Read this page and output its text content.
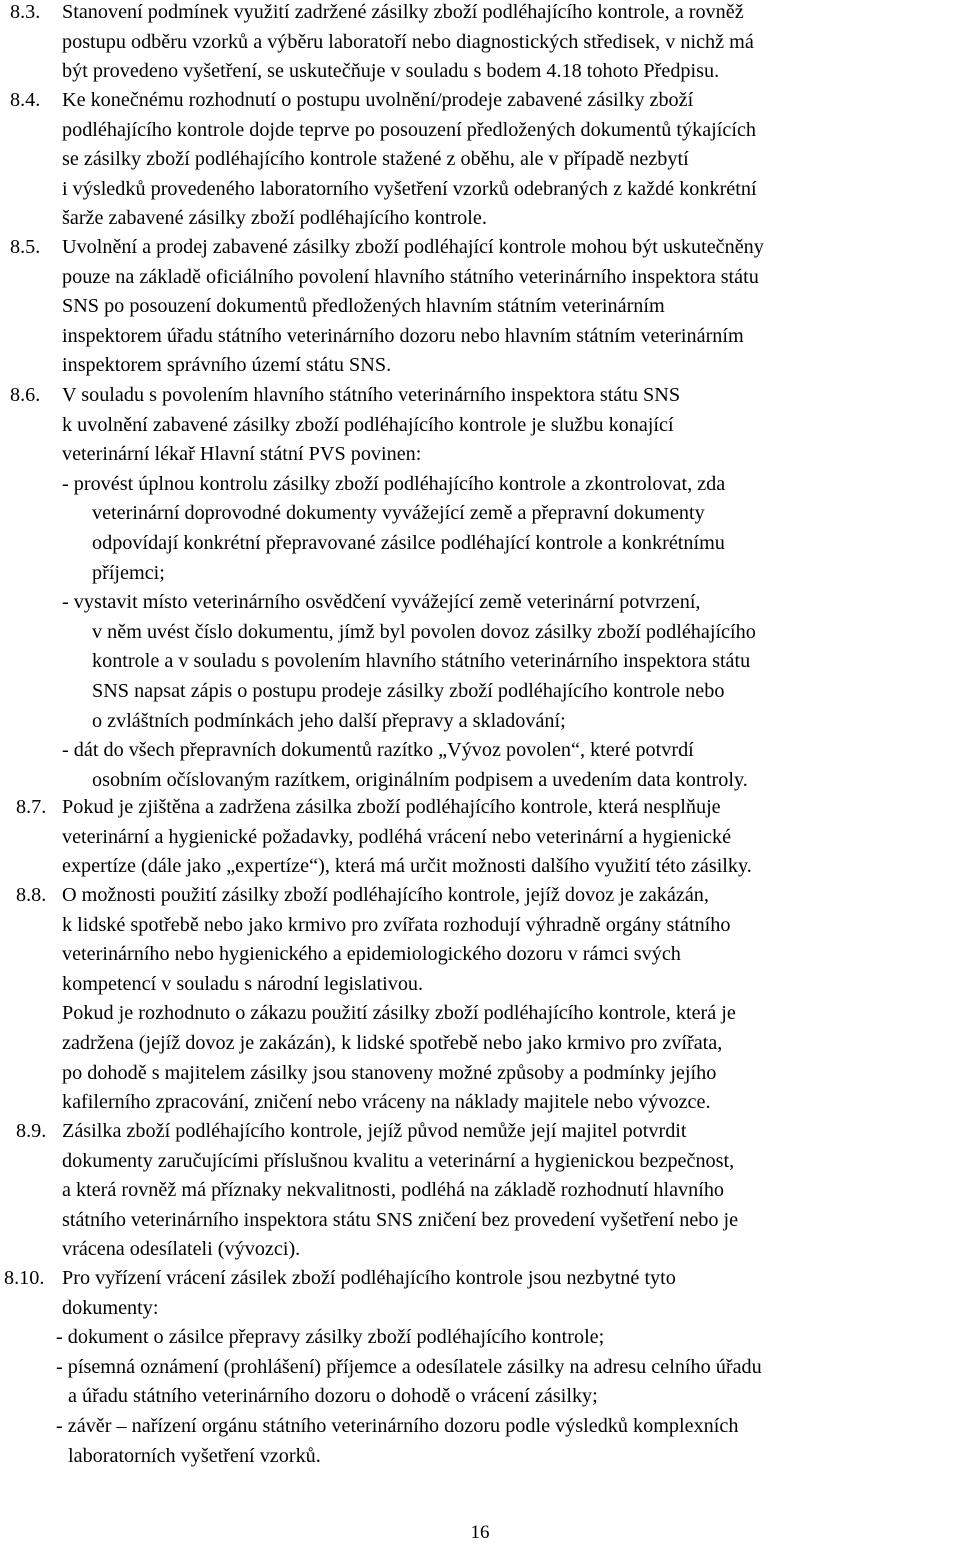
8.3. Stanovení podmínek využití zadržené zásilky zboží podléhajícího kontrole, a rovněž
postupu odběru vzorků a výběru laboratoří nebo diagnostických středisek, v nichž má
být provedeno vyšetření, se uskutečňuje v souladu s bodem 4.18 tohoto Předpisu.
8.4. Ke konečnému rozhodnutí o postupu uvolnění/prodeje zabavené zásilky zboží
podléhajícího kontrole dojde teprve po posouzení předložených dokumentů týkajících
se zásilky zboží podléhajícího kontrole stažené z oběhu, ale v případě nezbytí
i výsledků provedeného laboratorního vyšetření vzorků odebraných z každé konkrétní
šarže zabavené zásilky zboží podléhajícího kontrole.
8.5. Uvolnění a prodej zabavené zásilky zboží podléhající kontrole mohou být uskutečněny
pouze na základě oficiálního povolení hlavního státního veterinárního inspektora státu
SNS po posouzení dokumentů předložených hlavním státním veterinárním
inspektorem úřadu státního veterinárního dozoru nebo hlavním státním veterinárním
inspektorem správního území státu SNS.
8.6. V souladu s povolením hlavního státního veterinárního inspektora státu SNS
k uvolnění zabavené zásilky zboží podléhajícího kontrole je službu konající
veterinární lékař Hlavní státní PVS povinen:
- provést úplnou kontrolu zásilky zboží podléhajícího kontrole a zkontrolovat, zda
veterinární doprovodné dokumenty vyvážející země a přepravní dokumenty
odpovídají konkrétní přepravované zásilce podléhající kontrole a konkrétnímu
příjemci;
- vystavit místo veterinárního osvědčení vyvážející země veterinární potvrzení,
v něm uvést číslo dokumentu, jímž byl povolen dovoz zásilky zboží podléhajícího
kontrole a v souladu s povolením hlavního státního veterinárního inspektora státu
SNS napsat zápis o postupu prodeje zásilky zboží podléhajícího kontrole nebo
o zvláštních podmínkách jeho další přepravy a skladování;
- dát do všech přepravních dokumentů razítko „Vývoz povolen“, které potvrdí
osobním očíslovaným razítkem, originálním podpisem a uvedením data kontroly.
8.7. Pokud je zjištěna a zadržena zásilka zboží podléhajícího kontrole, která nesplňuje
veterinární a hygienické požadavky, podléhá vrácení nebo veterinární a hygienické
expertíze (dále jako „expertíze“), která má určit možnosti dalšího využití této zásilky.
8.8. O možnosti použití zásilky zboží podléhajícího kontrole, jejíž dovoz je zakázán,
k lidské spotřebě nebo jako krmivo pro zvířata rozhodují výhradně orgány státního
veterinárního nebo hygienického a epidemiologického dozoru v rámci svých
kompetencí v souladu s národní legislativou.
Pokud je rozhodnuto o zákazu použití zásilky zboží podléhajícího kontrole, která je
zadržena (jejíž dovoz je zakázán), k lidské spotřebě nebo jako krmivo pro zvířata,
po dohodě s majitelem zásilky jsou stanoveny možné způsoby a podmínky jejího
kafilerního zpracování, zničení nebo vráceny na náklady majitele nebo vývozce.
8.9. Zásilka zboží podléhajícího kontrole, jejíž původ nemůže její majitel potvrdit
dokumenty zaručujícími příslušnou kvalitu a veterinární a hygienickou bezpečnost,
a která rovněž má příznaky nekvalitnosti, podléhá na základě rozhodnutí hlavního
státního veterinárního inspektora státu SNS zničení bez provedení vyšetření nebo je
vrácena odesílateli (vývozci).
8.10. Pro vyřízení vrácení zásilek zboží podléhajícího kontrole jsou nezbytné tyto
dokumenty:
- dokument o zásilce přepravy zásilky zboží podléhajícího kontrole;
- písemná oznámení (prohlášení) příjemce a odesílatele zásilky na adresu celního úřadu
a úřadu státního veterinárního dozoru o dohodě o vrácení zásilky;
- závěr – nařízení orgánu státního veterinárního dozoru podle výsledků komplexních
laboratorních vyšetření vzorků.
16
